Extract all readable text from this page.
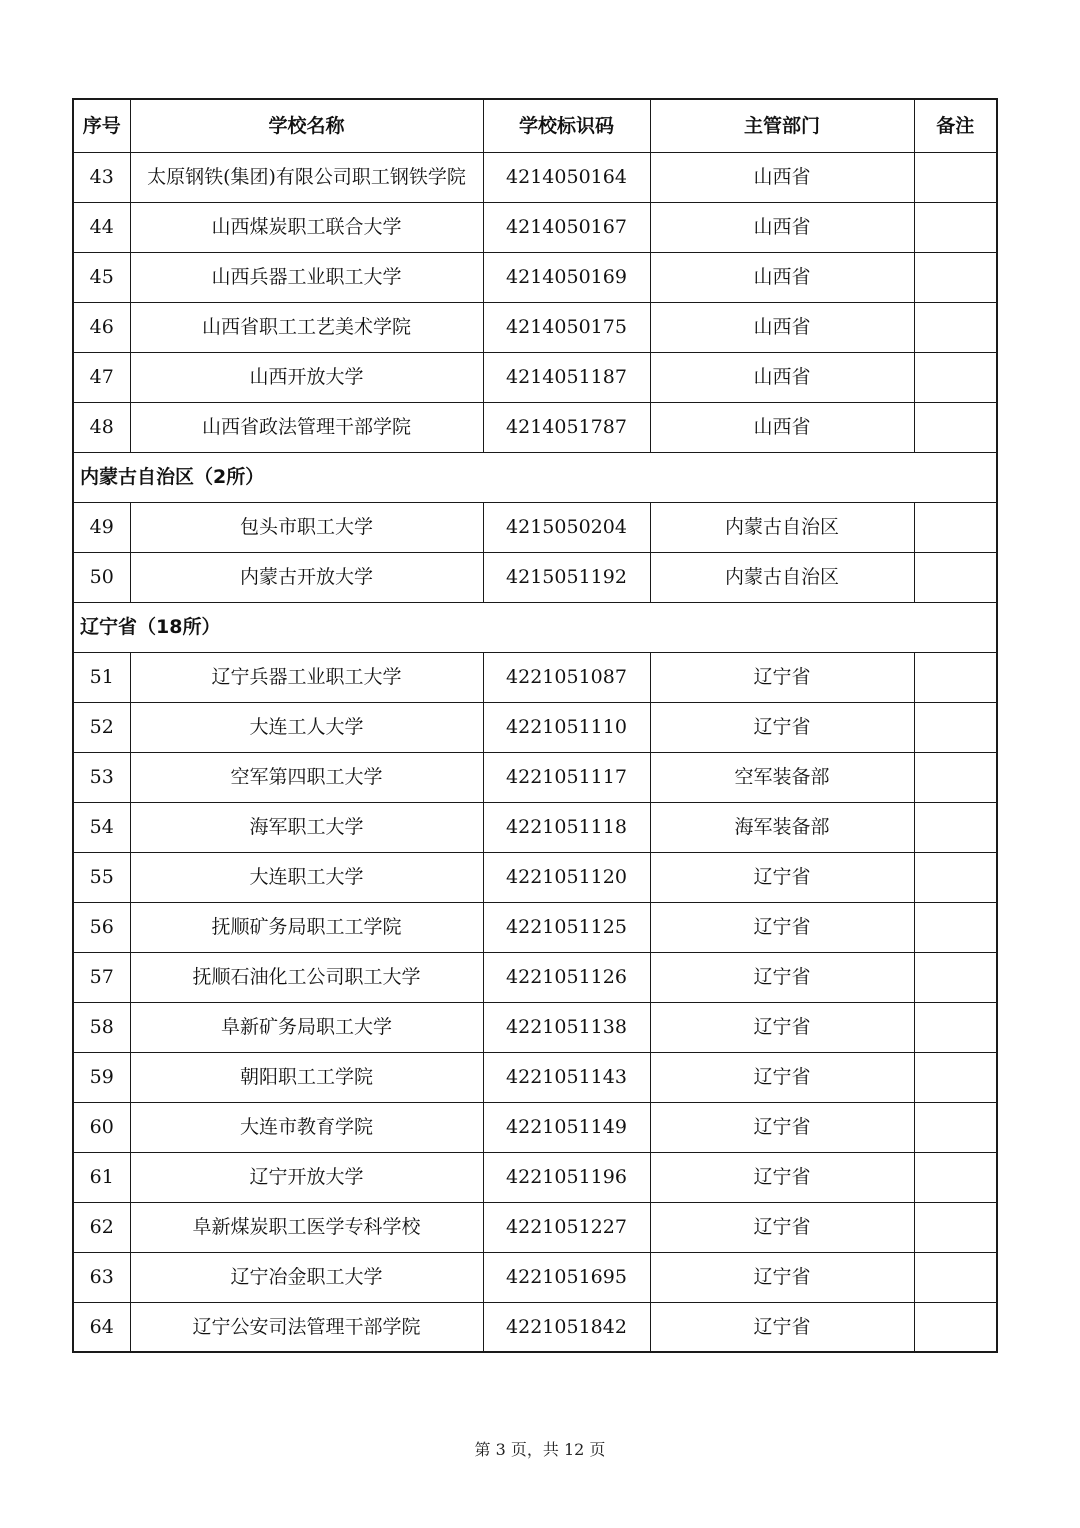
序号	学校名称	学校标识码	主管部门	备注
43	太原钢铁(集团)有限公司职工钢铁学院	4214050164	山西省	
44	山西煤炭职工联合大学	4214050167	山西省	
45	山西兵器工业职工大学	4214050169	山西省	
46	山西省职工工艺美术学院	4214050175	山西省	
47	山西开放大学	4214051187	山西省	
48	山西省政法管理干部学院	4214051787	山西省	
内蒙古自治区（2所）				
49	包头市职工大学	4215050204	内蒙古自治区	
50	内蒙古开放大学	4215051192	内蒙古自治区	
辽宁省（18所）				
51	辽宁兵器工业职工大学	4221051087	辽宁省	
52	大连工人大学	4221051110	辽宁省	
53	空军第四职工大学	4221051117	空军装备部	
54	海军职工大学	4221051118	海军装备部	
55	大连职工大学	4221051120	辽宁省	
56	抚顺矿务局职工工学院	4221051125	辽宁省	
57	抚顺石油化工公司职工大学	4221051126	辽宁省	
58	阜新矿务局职工大学	4221051138	辽宁省	
59	朝阳职工工学院	4221051143	辽宁省	
60	大连市教育学院	4221051149	辽宁省	
61	辽宁开放大学	4221051196	辽宁省	
62	阜新煤炭职工医学专科学校	4221051227	辽宁省	
63	辽宁冶金职工大学	4221051695	辽宁省	
64	辽宁公安司法管理干部学院	4221051842	辽宁省	
第 3 页，共 12 页
